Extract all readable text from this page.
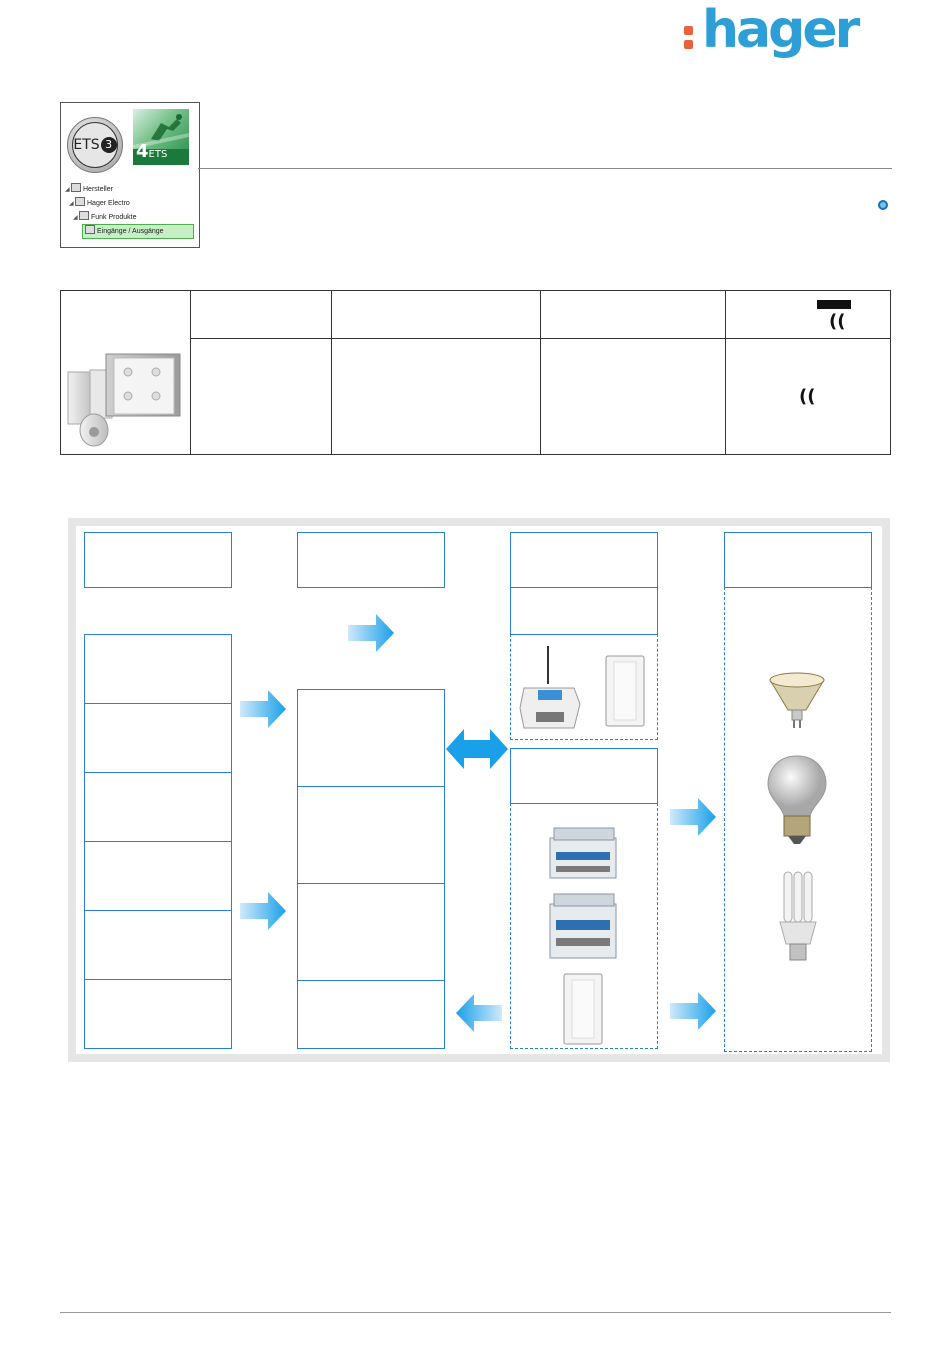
hager
ETS 3	4ETS
◢ Hersteller
◢ Hager Electro
◢ Funk Produkte
Eingänge / Ausgänge
((
((
